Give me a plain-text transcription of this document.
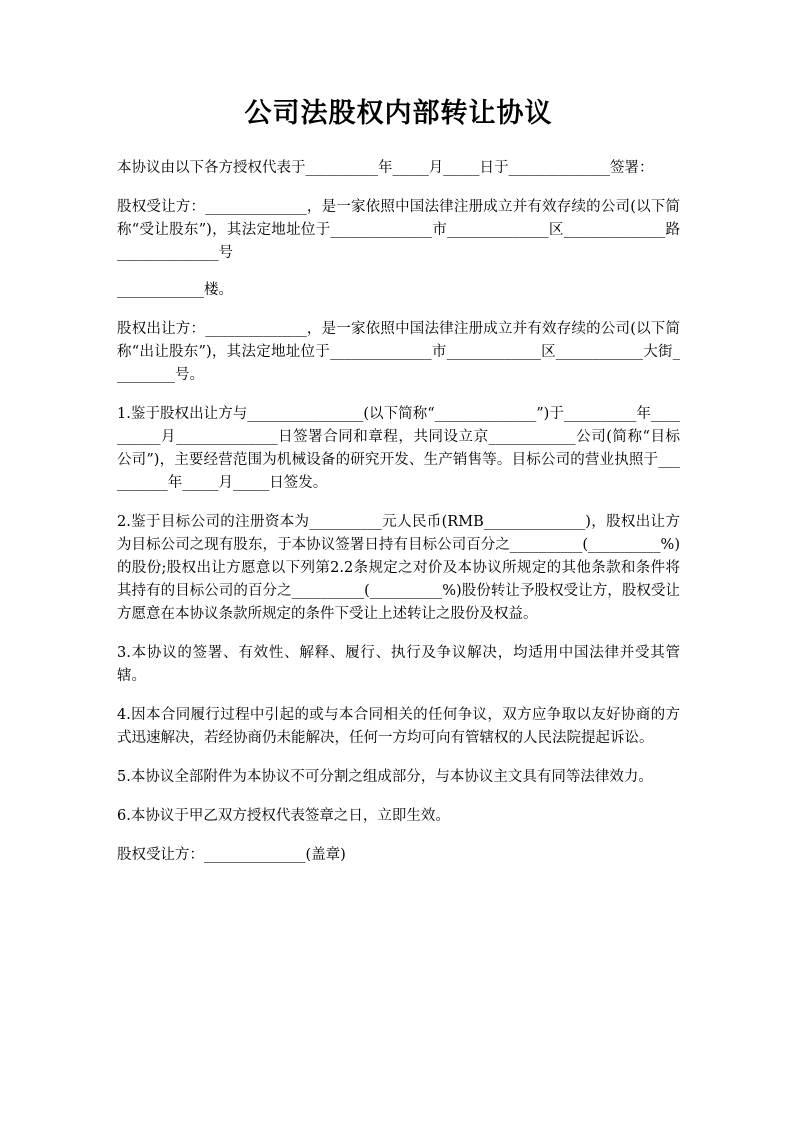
公司法股权内部转让协议

本协议由以下各方授权代表于__________年_____月_____日于______________签署：

股权受让方：______________，是一家依照中国法律注册成立并有效存续的公司(以下简称“受让股东”)，其法定地址位于______________市______________区______________路______________号

____________楼。

股权出让方：______________，是一家依照中国法律注册成立并有效存续的公司(以下简称“出让股东”)，其法定地址位于______________市_____________区____________大街_________号。

1.鉴于股权出让方与________________(以下简称“______________”)于__________年__________月______________日签署合同和章程，共同设立京____________公司(简称“目标公司”)，主要经营范围为机械设备的研究开发、生产销售等。目标公司的营业执照于__________年_____月_____日签发。

2.鉴于目标公司的注册资本为__________元人民币(RMB______________)，股权出让方为目标公司之现有股东，于本协议签署日持有目标公司百分之__________(__________%)的股份;股权出让方愿意以下列第2.2条规定之对价及本协议所规定的其他条款和条件将其持有的目标公司的百分之__________(__________%)股份转让予股权受让方，股权受让方愿意在本协议条款所规定的条件下受让上述转让之股份及权益。

3.本协议的签署、有效性、解释、履行、执行及争议解决，均适用中国法律并受其管辖。

4.因本合同履行过程中引起的或与本合同相关的任何争议，双方应争取以友好协商的方式迅速解决，若经协商仍未能解决，任何一方均可向有管辖权的人民法院提起诉讼。

5.本协议全部附件为本协议不可分割之组成部分，与本协议主文具有同等法律效力。

6.本协议于甲乙双方授权代表签章之日，立即生效。

股权受让方：______________(盖章)
